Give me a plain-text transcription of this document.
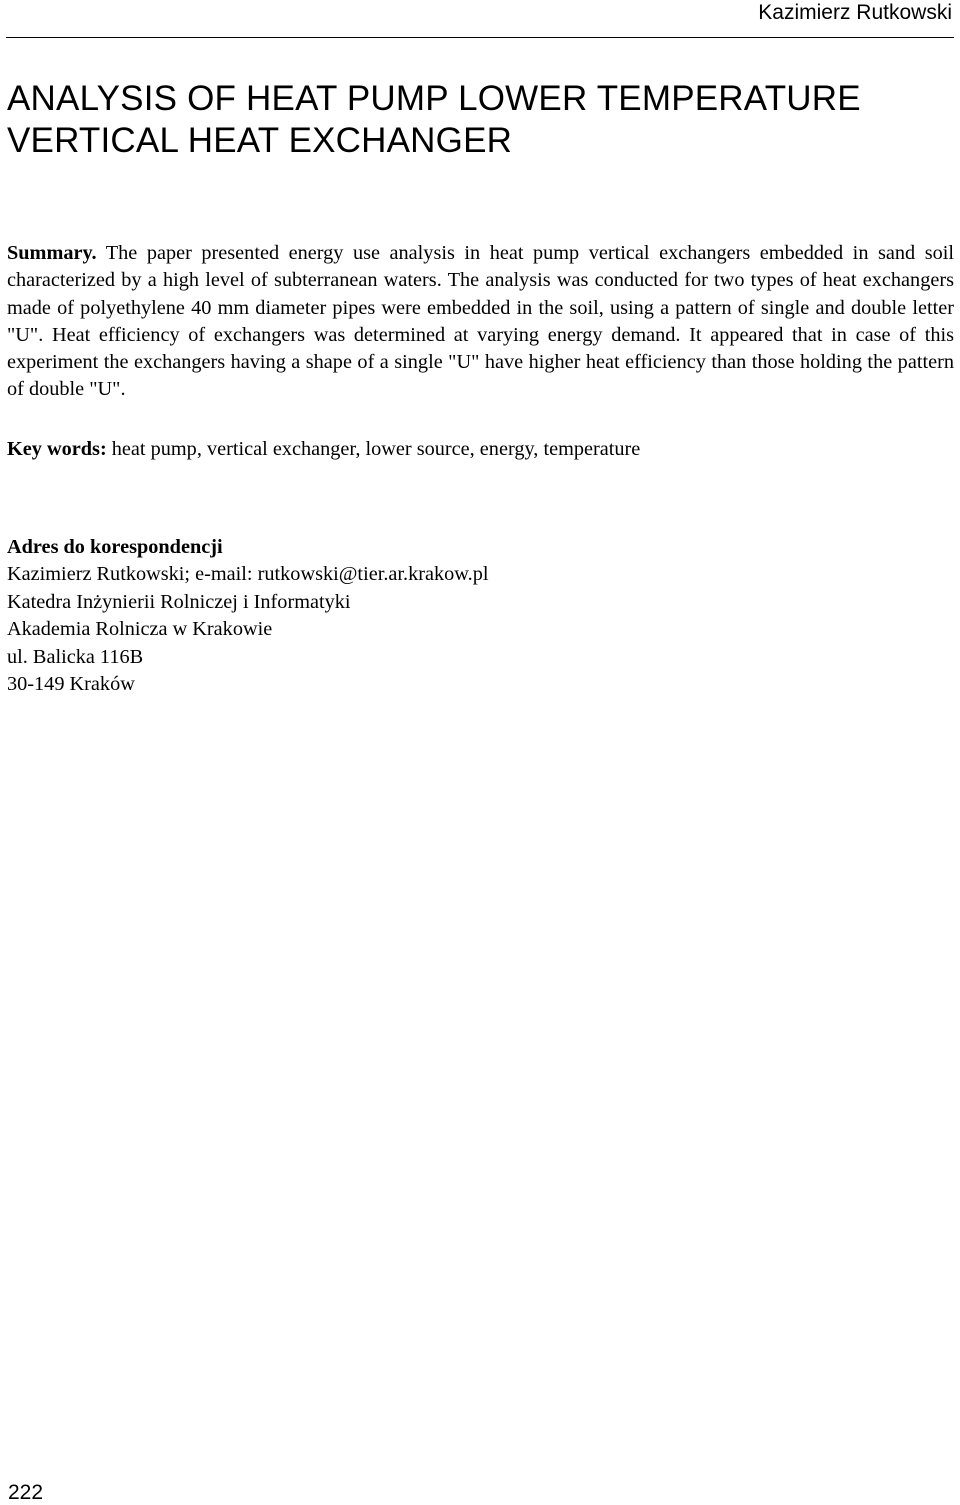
Kazimierz Rutkowski
ANALYSIS OF HEAT PUMP LOWER TEMPERATURE
VERTICAL HEAT EXCHANGER

Summary. The paper presented energy use analysis in heat pump vertical exchangers embedded in sand soil characterized by a high level of subterranean waters. The analysis was conducted for two types of heat exchangers made of polyethylene 40 mm diameter pipes were embedded in the soil, using a pattern of single and double letter "U". Heat efficiency of exchangers was determined at varying energy demand. It appeared that in case of this experiment the exchangers having a shape of a single "U" have higher heat efficiency than those holding the pattern of double "U".

Key words: heat pump, vertical exchanger, lower source, energy, temperature

Adres do korespondencji
Kazimierz Rutkowski; e-mail: rutkowski@tier.ar.krakow.pl
Katedra Inżynierii Rolniczej i Informatyki
Akademia Rolnicza w Krakowie
ul. Balicka 116B
30-149 Kraków
222
